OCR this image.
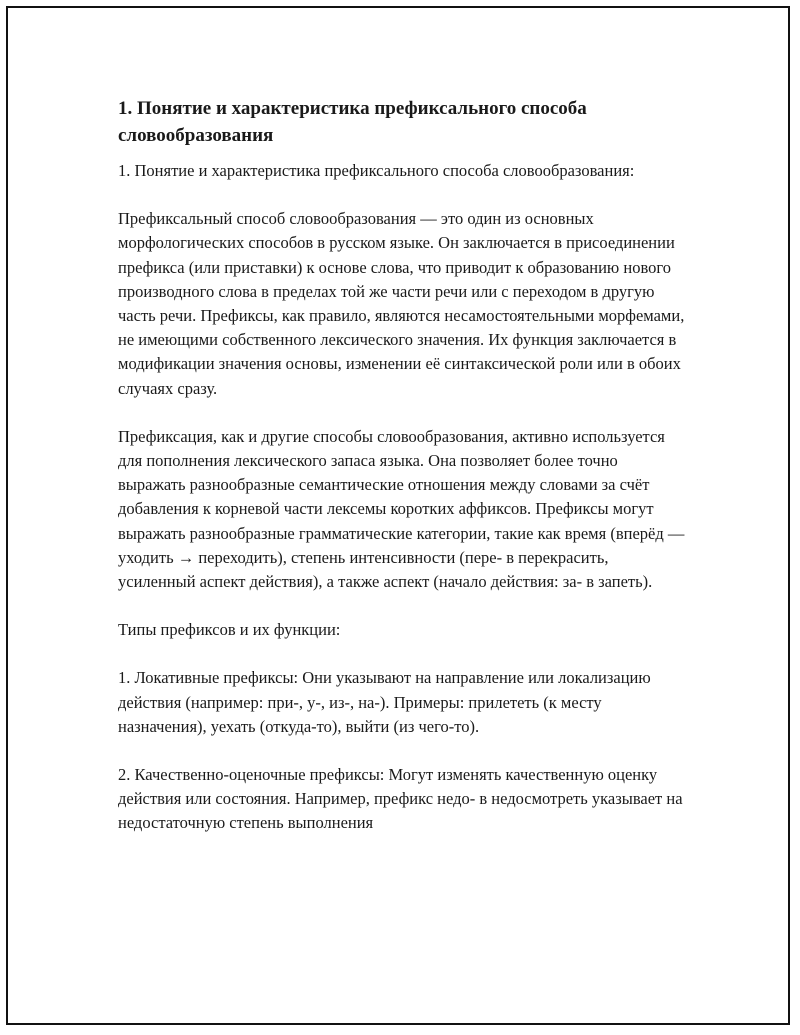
1. Понятие и характеристика префиксального способа словообразования

1. Понятие и характеристика префиксального способа словообразования:

Префиксальный способ словообразования — это один из основных морфологических способов в русском языке. Он заключается в присоединении префикса (или приставки) к основе слова, что приводит к образованию нового производного слова в пределах той же части речи или с переходом в другую часть речи. Префиксы, как правило, являются несамостоятельными морфемами, не имеющими собственного лексического значения. Их функция заключается в модификации значения основы, изменении её синтаксической роли или в обоих случаях сразу.

Префиксация, как и другие способы словообразования, активно используется для пополнения лексического запаса языка. Она позволяет более точно выражать разнообразные семантические отношения между словами за счёт добавления к корневой части лексемы коротких аффиксов. Префиксы могут выражать разнообразные грамматические категории, такие как время (вперёд — уходить → переходить), степень интенсивности (пере- в перекрасить, усиленный аспект действия), а также аспект (начало действия: за- в запеть).

Типы префиксов и их функции:

1. Локативные префиксы: Они указывают на направление или локализацию действия (например: при-, у-, из-, на-). Примеры: прилететь (к месту назначения), уехать (откуда-то), выйти (из чего-то).

2. Качественно-оценочные префиксы: Могут изменять качественную оценку действия или состояния. Например, префикс недо- в недосмотреть указывает на недостаточную степень выполнения
